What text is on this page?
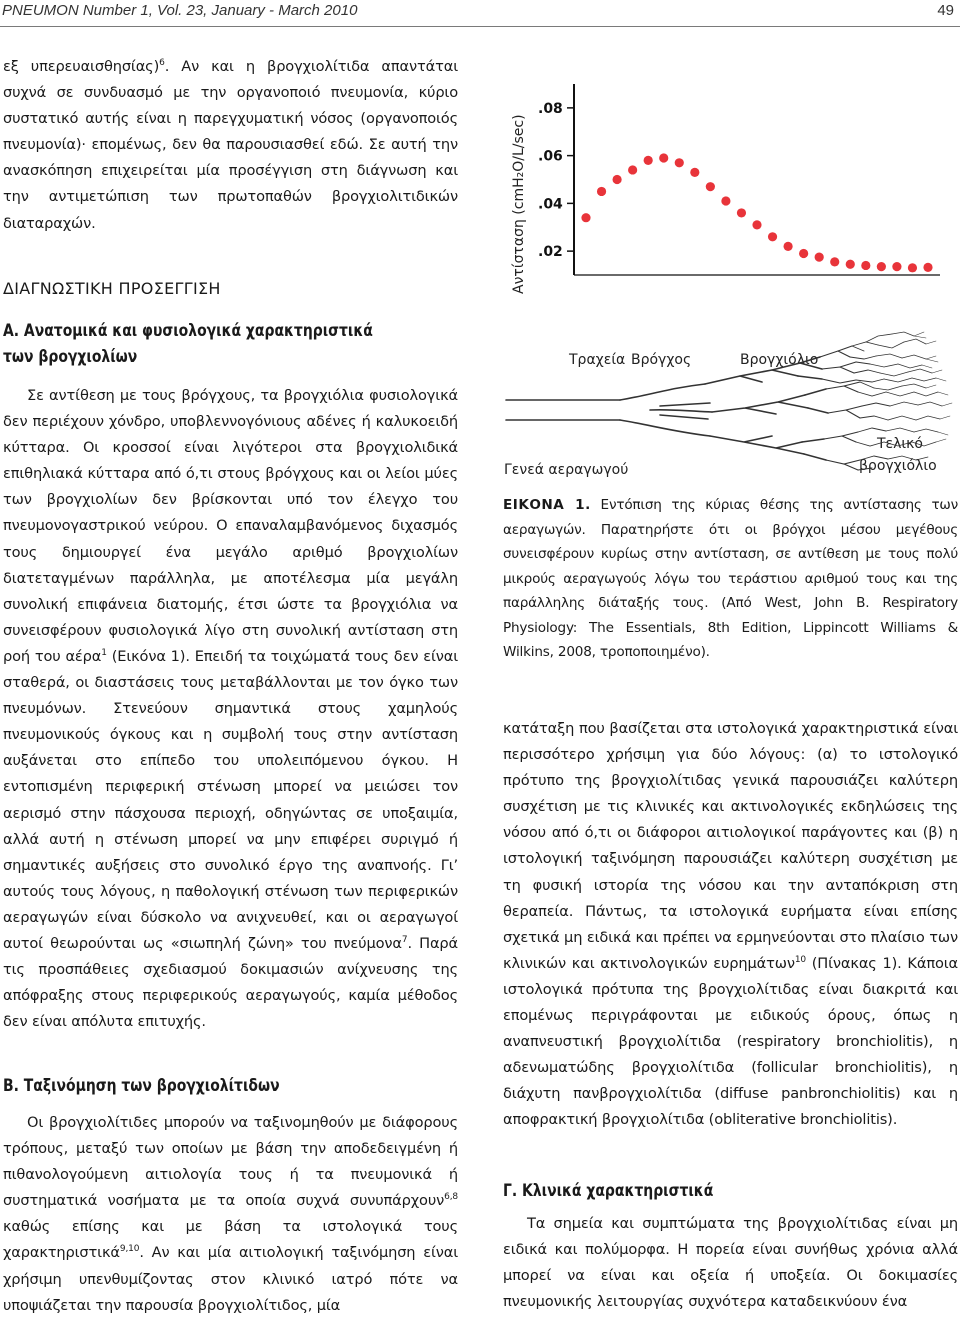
PNEUMON Number 1, Vol. 23, January - March 2010	49

εξ υπερευαισθησίας)$^6$. Αν και η βρογχιολίτιδα απαντάται συχνά σε συνδυασμό με την οργανοποιό πνευμονία, κύριο συστατικό αυτής είναι η παρεγχυματική νόσος (οργανοποιός πνευμονία)· επομένως, δεν θα παρουσιασθεί εδώ. Σε αυτή την ανασκόπηση επιχειρείται μία προσέγγιση στη διάγνωση και την αντιμετώπιση των πρωτοπαθών βρογχιολιτιδικών διαταραχών.

ΔΙΑΓΝΩΣΤΙΚΗ ΠΡΟΣΕΓΓΙΣΗ
Α. Ανατομικά και φυσιολογικά χαρακτηριστικά των βρογχιολίων

Σε αντίθεση με τους βρόγχους, τα βρογχιόλια φυσιολογικά δεν περιέχουν χόνδρο, υποβλεννογόνιους αδένες ή καλυκοειδή κύτταρα. Οι κροσσοί είναι λιγότεροι στα βρογχιολιδικά επιθηλιακά κύτταρα από ό,τι στους βρόγχους και οι λείοι μύες των βρογχιολίων δεν βρίσκονται υπό τον έλεγχο του πνευμονογαστρικού νεύρου. Ο επαναλαμβανόμενος διχασμός τους δημιουργεί ένα μεγάλο αριθμό βρογχιολίων διατεταγμένων παράλληλα, με αποτέλεσμα μία μεγάλη συνολική επιφάνεια διατομής, έτσι ώστε τα βρογχιόλια να συνεισφέρουν φυσιολογικά λίγο στη συνολική αντίσταση στη ροή του αέρα$^1$ (Εικόνα 1). Επειδή τα τοιχώματά τους δεν είναι σταθερά, οι διαστάσεις τους μεταβάλλονται με τον όγκο των πνευμόνων. Στενεύουν σημαντικά στους χαμηλούς πνευμονικούς όγκους και η συμβολή τους στην αντίσταση αυξάνεται στο επίπεδο του υπολειπόμενου όγκου. Η εντοπισμένη περιφερική στένωση μπορεί να μειώσει τον αερισμό στην πάσχουσα περιοχή, οδηγώντας σε υποξαιμία, αλλά αυτή η στένωση μπορεί να μην επιφέρει συριγμό ή σημαντικές αυξήσεις στο συνολικό έργο της αναπνοής. Γι’ αυτούς τους λόγους, η παθολογική στένωση των περιφερικών αεραγωγών είναι δύσκολο να ανιχνευθεί, και οι αεραγωγοί αυτοί θεωρούνται ως «σιωπηλή ζώνη» του πνεύμονα$^7$. Παρά τις προσπάθειες σχεδιασμού δοκιμασιών ανίχνευσης της απόφραξης στους περιφερικούς αεραγωγούς, καμία μέθοδος δεν είναι απόλυτα επιτυχής.

Β. Ταξινόμηση των βρογχιολίτιδων

Οι βρογχιολίτιδες μπορούν να ταξινομηθούν με διάφορους τρόπους, μεταξύ των οποίων με βάση την αποδεδειγμένη ή πιθανολογούμενη αιτιολογία τους ή τα πνευμονικά ή συστηματικά νοσήματα με τα οποία συχνά συνυπάρχουν$^{6,8}$ καθώς επίσης και με βάση τα ιστολογικά τους χαρακτηριστικά$^{9,10}$. Αν και μία αιτιολογική ταξινόμηση είναι χρήσιμη υπενθυμίζοντας στον κλινικό ιατρό πότε να υποψιάζεται την παρουσία βρογχιολίτιδος, μία

Αντίσταση (cmH₂O/L/sec)
.08
.06
.04
.02
Τραχεία Βρόγχος	Βρογχιόλιο
Τελικό
βρογχιόλιο
Γενεά αεραγωγού
ΕΙΚΟΝΑ 1. Εντόπιση της κύριας θέσης της αντίστασης των αεραγωγών. Παρατηρήστε ότι οι βρόγχοι μέσου μεγέθους συνεισφέρουν κυρίως στην αντίσταση, σε αντίθεση με τους πολύ μικρούς αεραγωγούς λόγω του τεράστιου αριθμού τους και της παράλληλης διάταξής τους. (Από West, John B. Respiratory Physiology: The Essentials, 8th Edition, Lippincott Williams & Wilkins, 2008, τροποποιημένο).

κατάταξη που βασίζεται στα ιστολογικά χαρακτηριστικά είναι περισσότερο χρήσιμη για δύο λόγους: (α) το ιστολογικό πρότυπο της βρογχιολίτιδας γενικά παρουσιάζει καλύτερη συσχέτιση με τις κλινικές και ακτινολογικές εκδηλώσεις της νόσου από ό,τι οι διάφοροι αιτιολογικοί παράγοντες και (β) η ιστολογική ταξινόμηση παρουσιάζει καλύτερη συσχέτιση με τη φυσική ιστορία της νόσου και την ανταπόκριση στη θεραπεία. Πάντως, τα ιστολογικά ευρήματα είναι επίσης σχετικά μη ειδικά και πρέπει να ερμηνεύονται στο πλαίσιο των κλινικών και ακτινολογικών ευρημάτων$^{10}$ (Πίνακας 1). Κάποια ιστολογικά πρότυπα της βρογχιολίτιδας είναι διακριτά και επομένως περιγράφονται με ειδικούς όρους, όπως η αναπνευστική βρογχιολίτιδα (respiratory bronchiolitis), η αδενωματώδης βρογχιολίτιδα (follicular bronchiolitis), η διάχυτη πανβρογχιολίτιδα (diffuse panbronchiolitis) και η αποφρακτική βρογχιολίτιδα (obliterative bronchiolitis).

Γ. Κλινικά χαρακτηριστικά

Τα σημεία και συμπτώματα της βρογχιολίτιδας είναι μη ειδικά και πολύμορφα. Η πορεία είναι συνήθως χρόνια αλλά μπορεί να είναι και οξεία ή υποξεία. Οι δοκιμασίες πνευμονικής λειτουργίας συχνότερα καταδεικνύουν ένα
